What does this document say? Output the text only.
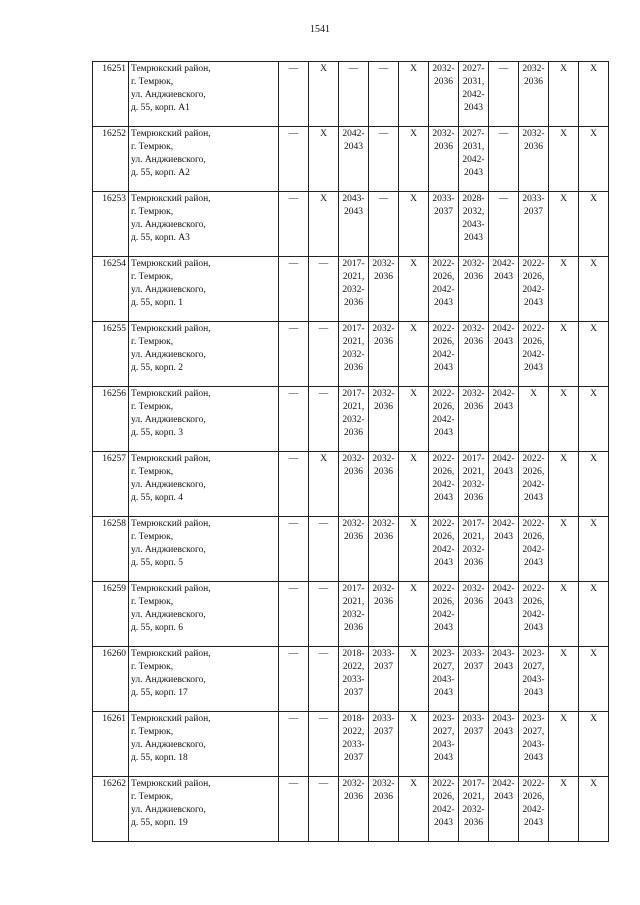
1541
16251	Темрюкский район,
г. Темрюк,
ул. Анджиевского,
д. 55, корп. А1	—	X	—	—	X	2032-
2036	2027-
2031,
2042-
2043	—	2032-
2036	X	X
16252	Темрюкский район,
г. Темрюк,
ул. Анджиевского,
д. 55, корп. А2	—	X	2042-
2043	—	X	2032-
2036	2027-
2031,
2042-
2043	—	2032-
2036	X	X
16253	Темрюкский район,
г. Темрюк,
ул. Анджиевского,
д. 55, корп. А3	—	X	2043-
2043	—	X	2033-
2037	2028-
2032,
2043-
2043	—	2033-
2037	X	X
16254	Темрюкский район,
г. Темрюк,
ул. Анджиевского,
д. 55, корп. 1	—	—	2017-
2021,
2032-
2036	2032-
2036	X	2022-
2026,
2042-
2043	2032-
2036	2042-
2043	2022-
2026,
2042-
2043	X	X
16255	Темрюкский район,
г. Темрюк,
ул. Анджиевского,
д. 55, корп. 2	—	—	2017-
2021,
2032-
2036	2032-
2036	X	2022-
2026,
2042-
2043	2032-
2036	2042-
2043	2022-
2026,
2042-
2043	X	X
16256	Темрюкский район,
г. Темрюк,
ул. Анджиевского,
д. 55, корп. 3	—	—	2017-
2021,
2032-
2036	2032-
2036	X	2022-
2026,
2042-
2043	2032-
2036	2042-
2043	X	X	X
16257	Темрюкский район,
г. Темрюк,
ул. Анджиевского,
д. 55, корп. 4	—	X	2032-
2036	2032-
2036	X	2022-
2026,
2042-
2043	2017-
2021,
2032-
2036	2042-
2043	2022-
2026,
2042-
2043	X	X
16258	Темрюкский район,
г. Темрюк,
ул. Анджиевского,
д. 55, корп. 5	—	—	2032-
2036	2032-
2036	X	2022-
2026,
2042-
2043	2017-
2021,
2032-
2036	2042-
2043	2022-
2026,
2042-
2043	X	X
16259	Темрюкский район,
г. Темрюк,
ул. Анджиевского,
д. 55, корп. 6	—	—	2017-
2021,
2032-
2036	2032-
2036	X	2022-
2026,
2042-
2043	2032-
2036	2042-
2043	2022-
2026,
2042-
2043	X	X
16260	Темрюкский район,
г. Темрюк,
ул. Анджиевского,
д. 55, корп. 17	—	—	2018-
2022,
2033-
2037	2033-
2037	X	2023-
2027,
2043-
2043	2033-
2037	2043-
2043	2023-
2027,
2043-
2043	X	X
16261	Темрюкский район,
г. Темрюк,
ул. Анджиевского,
д. 55, корп. 18	—	—	2018-
2022,
2033-
2037	2033-
2037	X	2023-
2027,
2043-
2043	2033-
2037	2043-
2043	2023-
2027,
2043-
2043	X	X
16262	Темрюкский район,
г. Темрюк,
ул. Анджиевского,
д. 55, корп. 19	—	—	2032-
2036	2032-
2036	X	2022-
2026,
2042-
2043	2017-
2021,
2032-
2036	2042-
2043	2022-
2026,
2042-
2043	X	X
